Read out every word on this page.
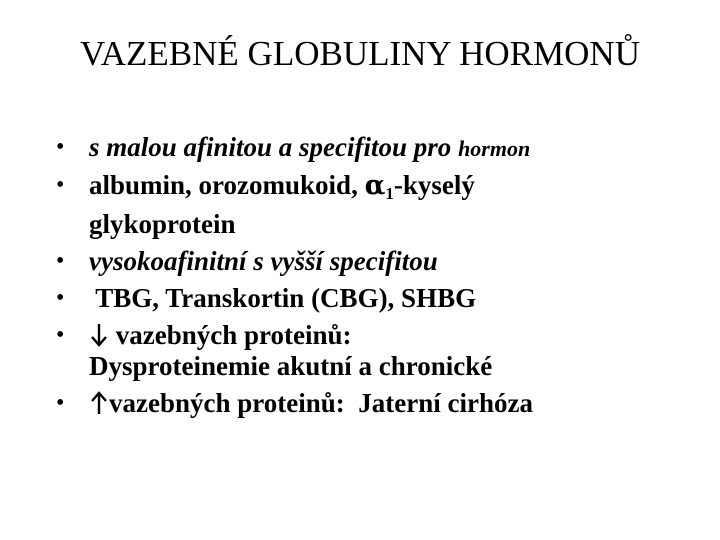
VAZEBNÉ GLOBULINY HORMONŮ
• s malou afinitou a specifitou pro hormon
• albumin, orozomukoid, $\alpha_1$-kyselý
glykoprotein
• vysokoafinitní s vyšší specifitou
• TBG, Transkortin (CBG), SHBG
•	vazebných proteinů:
Dysproteinemie akutní a chronické
• vazebných proteinů:  Jaterní cirhóza
